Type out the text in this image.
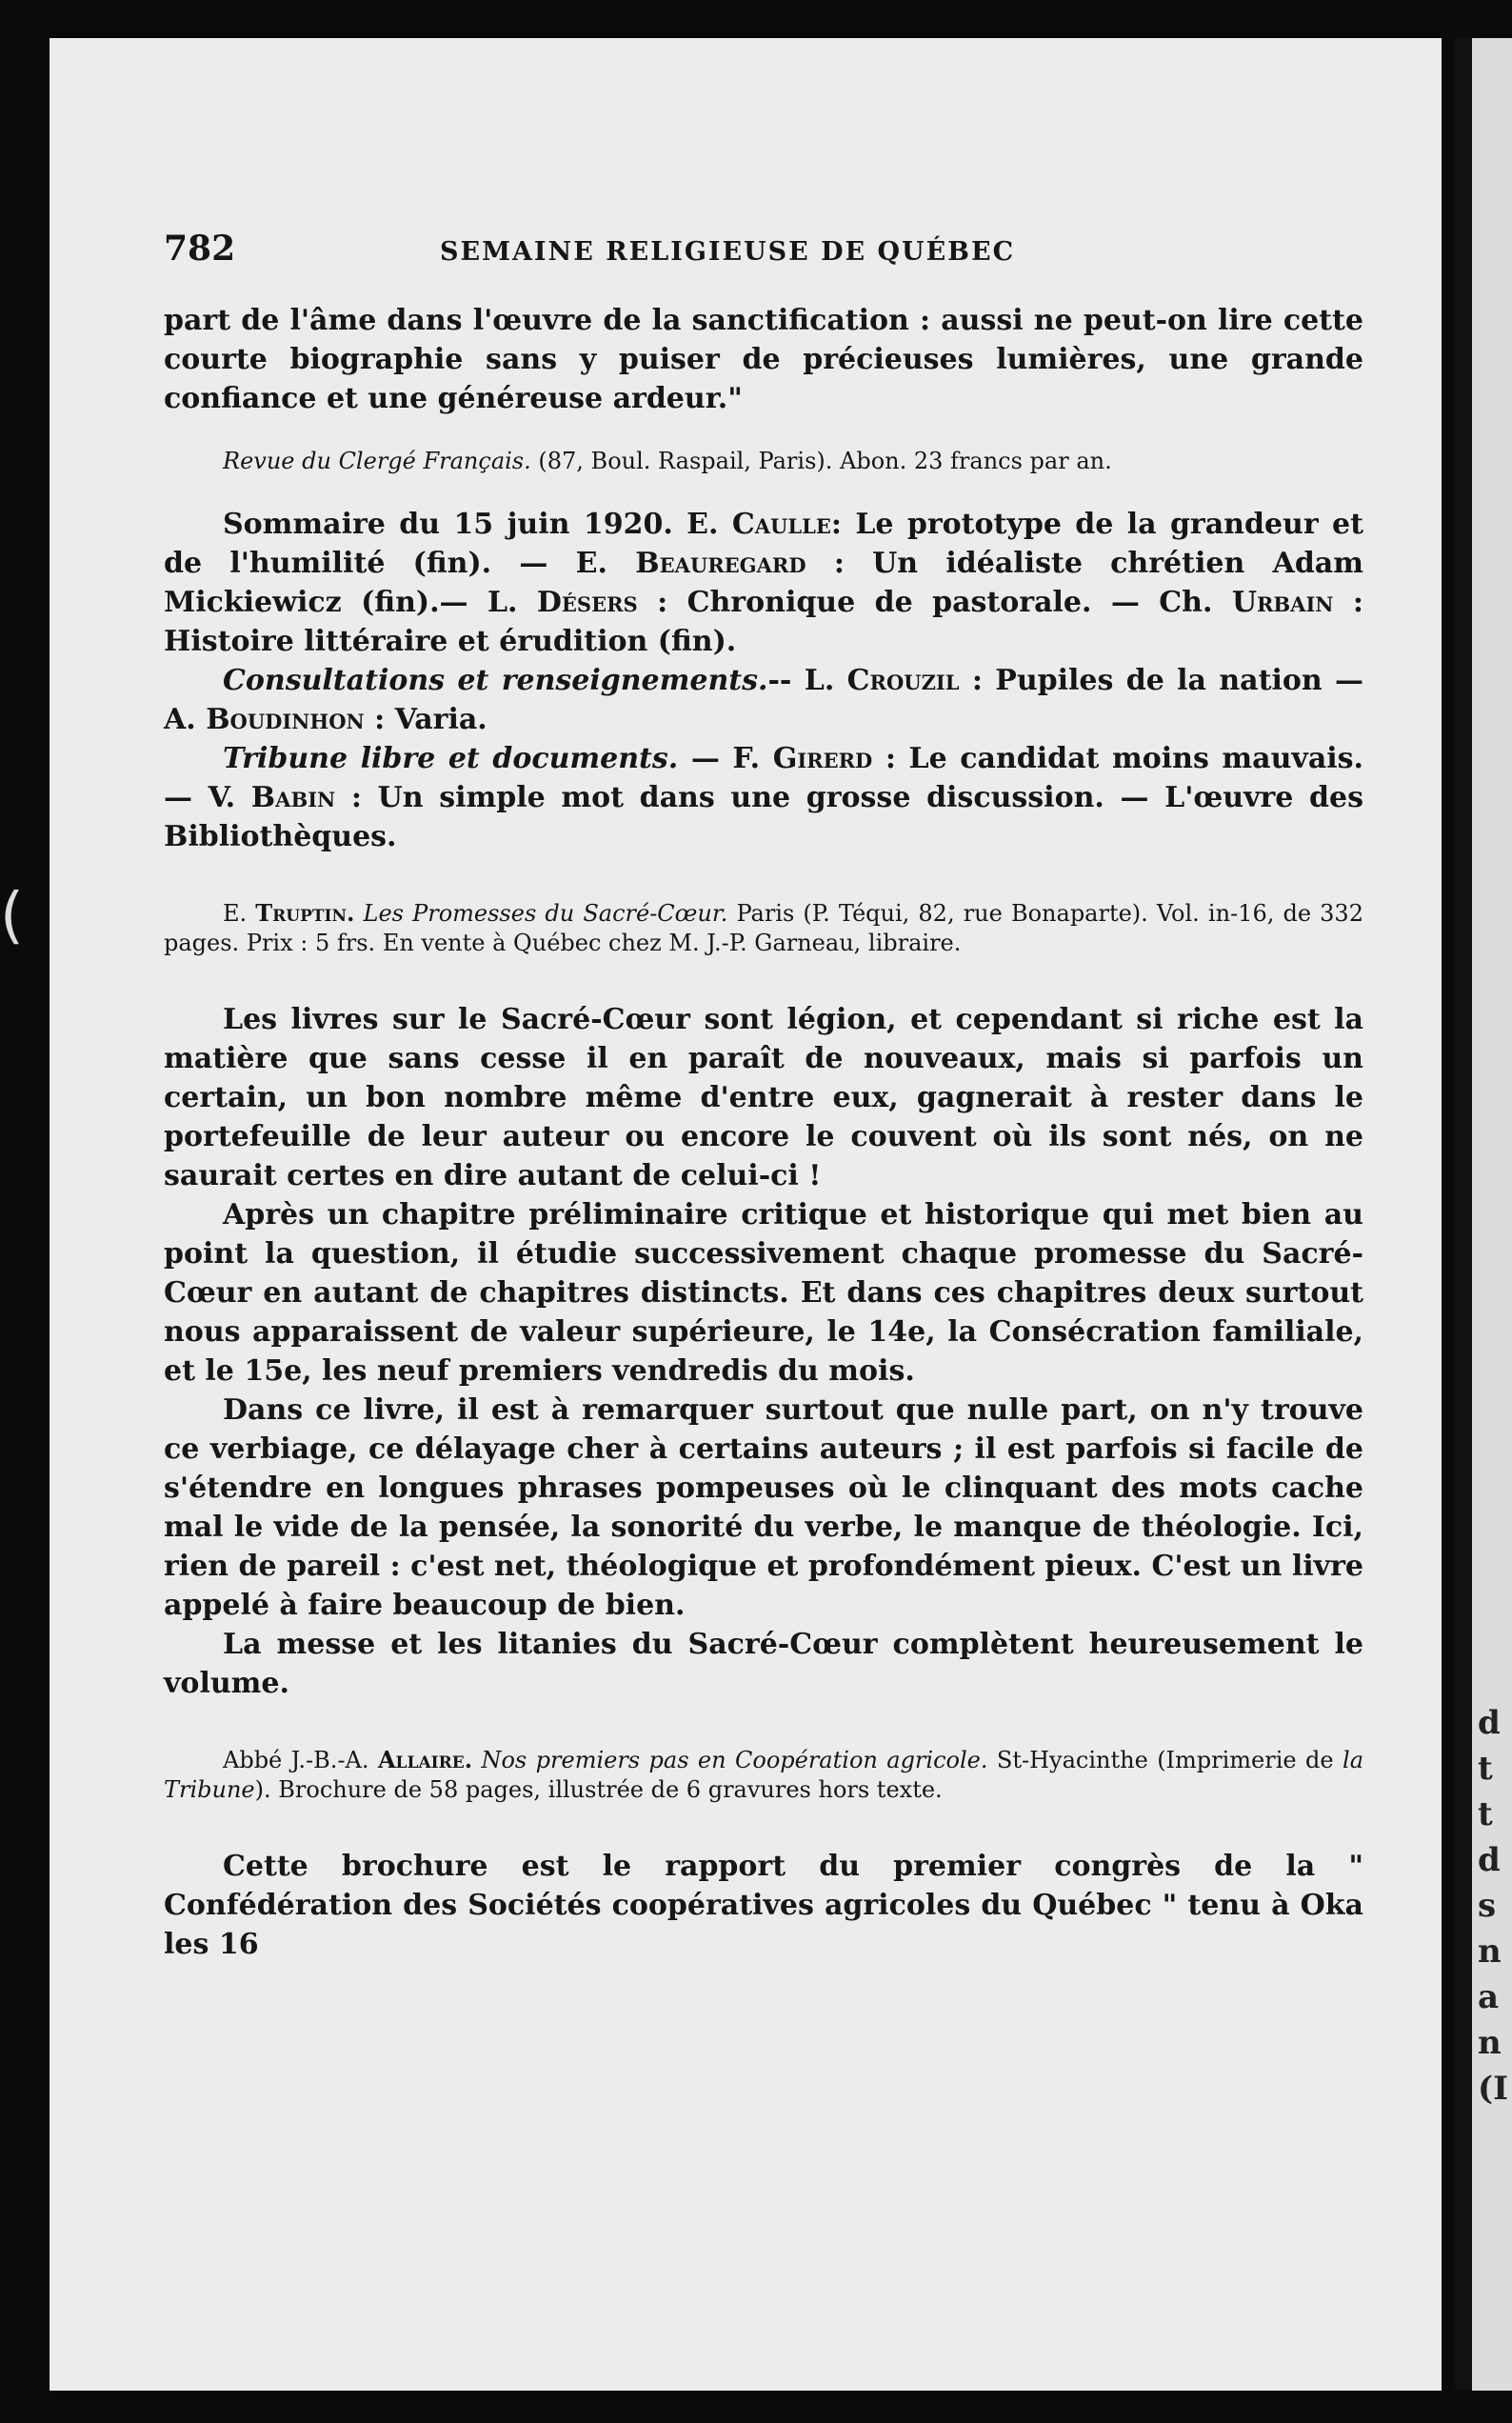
782	SEMAINE RELIGIEUSE DE QUÉBEC

part de l'âme dans l'œuvre de la sanctification : aussi ne peut-on lire cette courte biographie sans y puiser de précieuses lumières, une grande confiance et une généreuse ardeur."

Revue du Clergé Français. (87, Boul. Raspail, Paris). Abon. 23 francs par an.

Sommaire du 15 juin 1920. E. Caulle: Le prototype de la grandeur et de l'humilité (fin). — E. Beauregard : Un idéaliste chrétien Adam Mickiewicz (fin).— L. Désers : Chronique de pastorale. — Ch. Urbain : Histoire littéraire et érudition (fin).

Consultations et renseignements.-- L. Crouzil : Pupiles de la nation — A. Boudinhon : Varia.

Tribune libre et documents. — F. Girerd : Le candidat moins mauvais. — V. Babin : Un simple mot dans une grosse discussion. — L'œuvre des Bibliothèques.

E. Truptin. Les Promesses du Sacré-Cœur. Paris (P. Téqui, 82, rue Bonaparte). Vol. in-16, de 332 pages. Prix : 5 frs. En vente à Québec chez M. J.-P. Garneau, libraire.

Les livres sur le Sacré-Cœur sont légion, et cependant si riche est la matière que sans cesse il en paraît de nouveaux, mais si parfois un certain, un bon nombre même d'entre eux, gagnerait à rester dans le portefeuille de leur auteur ou encore le couvent où ils sont nés, on ne saurait certes en dire autant de celui-ci !

Après un chapitre préliminaire critique et historique qui met bien au point la question, il étudie successivement chaque promesse du Sacré-Cœur en autant de chapitres distincts. Et dans ces chapitres deux surtout nous apparaissent de valeur supérieure, le 14e, la Consécration familiale, et le 15e, les neuf premiers vendredis du mois.

Dans ce livre, il est à remarquer surtout que nulle part, on n'y trouve ce verbiage, ce délayage cher à certains auteurs ; il est parfois si facile de s'étendre en longues phrases pompeuses où le clinquant des mots cache mal le vide de la pensée, la sonorité du verbe, le manque de théologie. Ici, rien de pareil : c'est net, théologique et profondément pieux. C'est un livre appelé à faire beaucoup de bien.

La messe et les litanies du Sacré-Cœur complètent heureusement le volume.

Abbé J.-B.-A. Allaire. Nos premiers pas en Coopération agricole. St-Hyacinthe (Imprimerie de la Tribune). Brochure de 58 pages, illustrée de 6 gravures hors texte.

Cette brochure est le rapport du premier congrès de la " Confédération des Sociétés coopératives agricoles du Québec " tenu à Oka les 16

(
d
t
t
d
s
n
a
n
(I
